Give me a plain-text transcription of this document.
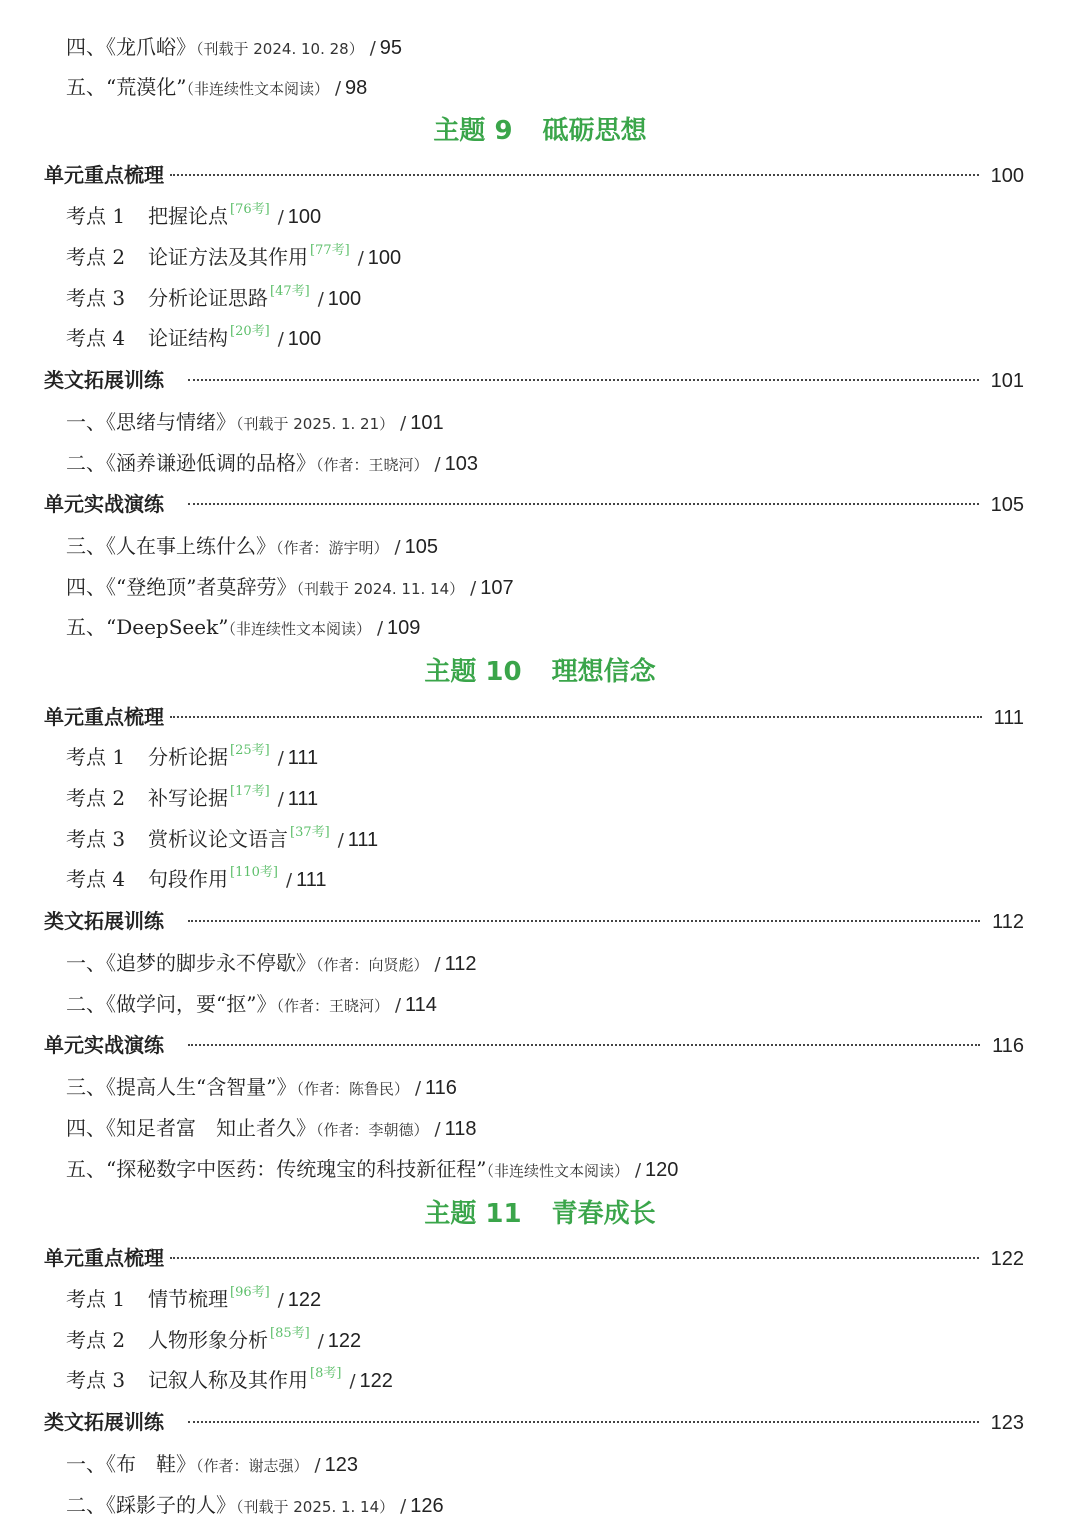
四、《龙爪峪》（刊载于 2024. 10. 28） / 95
五、“荒漠化”（非连续性文本阅读） / 98
主题 9 砥砺思想
单元重点梳理	100
考点 1 把握论点 [76考] / 100
考点 2 论证方法及其作用 [77考] / 100
考点 3 分析论证思路 [47考] / 100
考点 4 论证结构 [20考] / 100
类文拓展训练	101
一、《思绪与情绪》（刊载于 2025. 1. 21） / 101
二、《涵养谦逊低调的品格》（作者：王晓河） / 103
单元实战演练	105
三、《人在事上练什么》（作者：游宇明） / 105
四、《“登绝顶”者莫辞劳》（刊载于 2024. 11. 14） / 107
五、“DeepSeek”（非连续性文本阅读） / 109
主题 10 理想信念
单元重点梳理	111
考点 1 分析论据 [25考] / 111
考点 2 补写论据 [17考] / 111
考点 3 赏析议论文语言 [37考] / 111
考点 4 句段作用 [110考] / 111
类文拓展训练	112
一、《追梦的脚步永不停歇》（作者：向贤彪） / 112
二、《做学问，要“抠”》（作者：王晓河） / 114
单元实战演练	116
三、《提高人生“含智量”》（作者：陈鲁民） / 116
四、《知足者富　知止者久》（作者：李朝德） / 118
五、“探秘数字中医药：传统瑰宝的科技新征程”（非连续性文本阅读） / 120
主题 11 青春成长
单元重点梳理	122
考点 1 情节梳理 [96考] / 122
考点 2 人物形象分析 [85考] / 122
考点 3 记叙人称及其作用 [8考] / 122
类文拓展训练	123
一、《布　鞋》（作者：谢志强） / 123
二、《踩影子的人》（刊载于 2025. 1. 14） / 126
